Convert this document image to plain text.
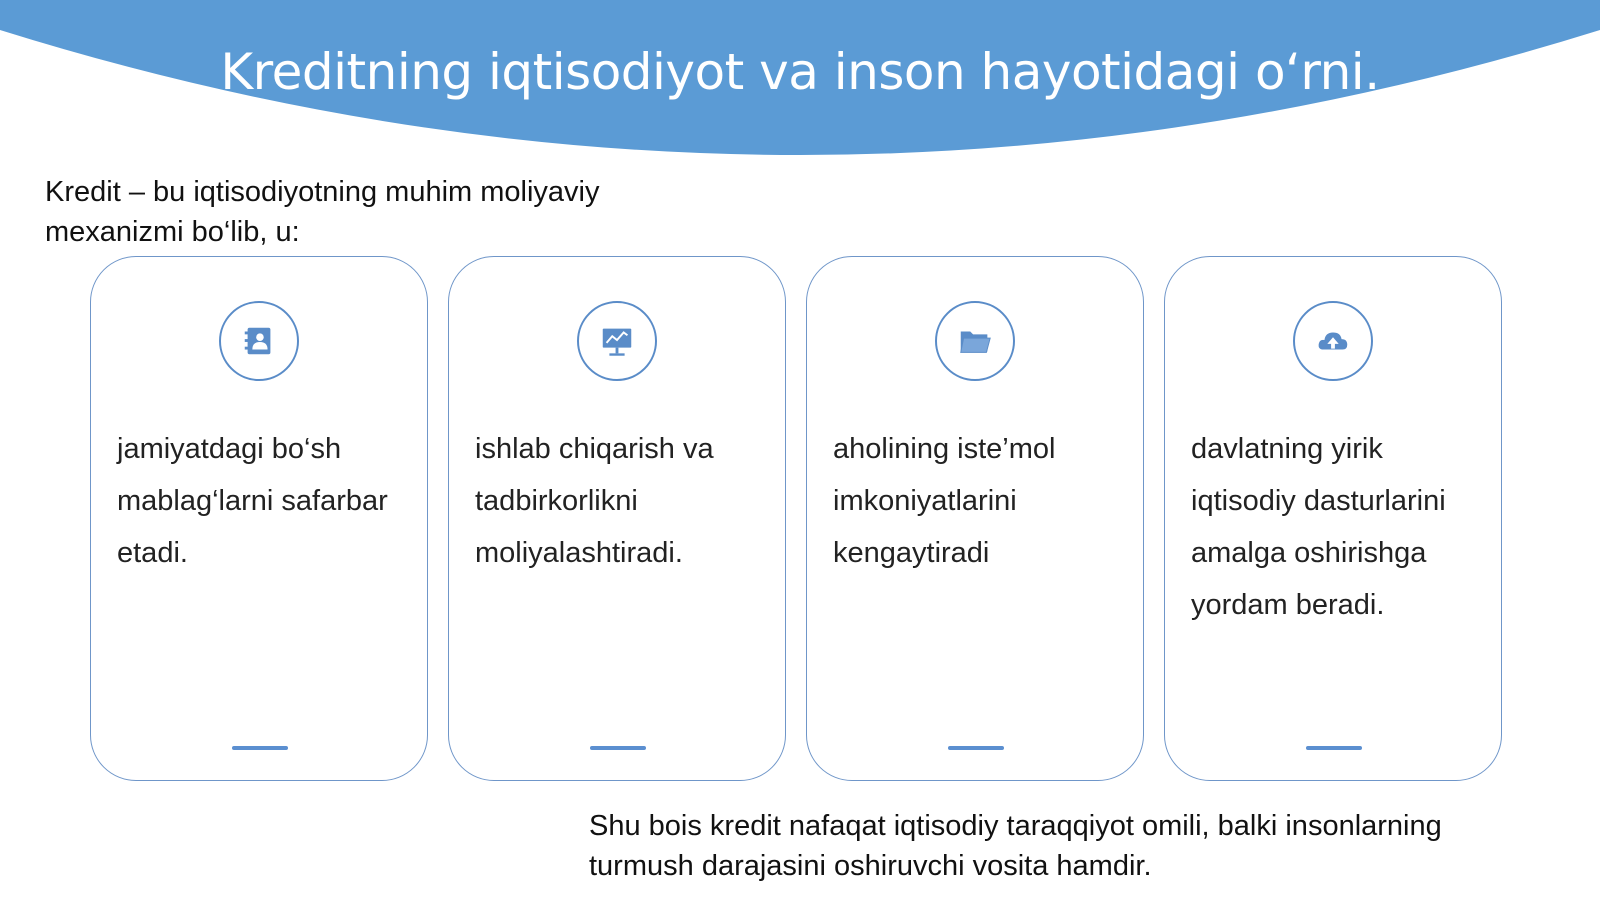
Kreditning iqtisodiyot va inson hayotidagi o‘rni.

Kredit – bu iqtisodiyotning muhim moliyaviy mexanizmi bo‘lib, u:

jamiyatdagi bo‘sh mablag‘larni safarbar etadi.

ishlab chiqarish va tadbirkorlikni moliyalashtiradi.

aholining iste’mol imkoniyatlarini kengaytiradi

davlatning yirik iqtisodiy dasturlarini amalga oshirishga yordam beradi.

Shu bois kredit nafaqat iqtisodiy taraqqiyot omili, balki insonlarning turmush darajasini oshiruvchi vosita hamdir.
